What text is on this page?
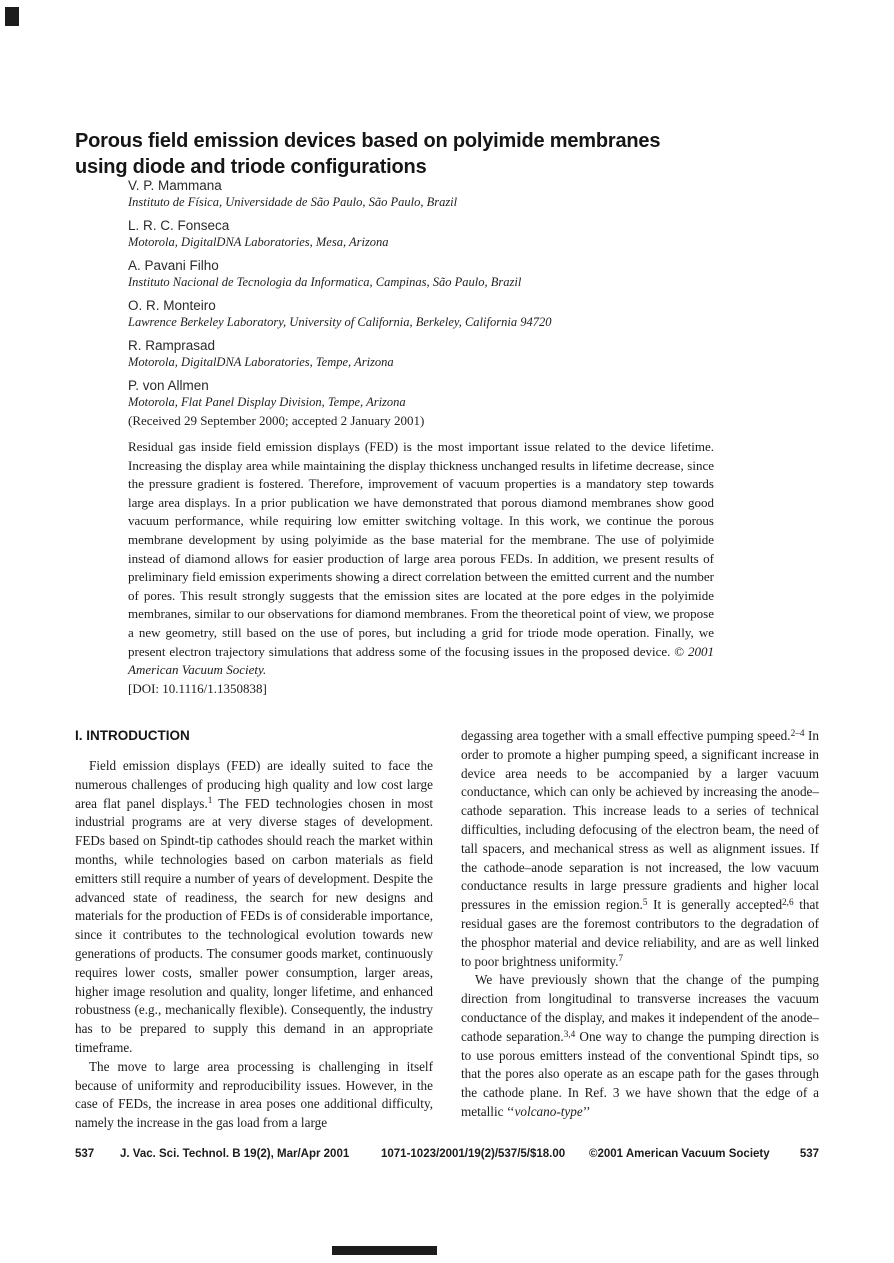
Porous field emission devices based on polyimide membranes
using diode and triode configurations
V. P. Mammana
Instituto de Física, Universidade de São Paulo, São Paulo, Brazil
L. R. C. Fonseca
Motorola, DigitalDNA Laboratories, Mesa, Arizona
A. Pavani Filho
Instituto Nacional de Tecnologia da Informatica, Campinas, São Paulo, Brazil
O. R. Monteiro
Lawrence Berkeley Laboratory, University of California, Berkeley, California 94720
R. Ramprasad
Motorola, DigitalDNA Laboratories, Tempe, Arizona
P. von Allmen
Motorola, Flat Panel Display Division, Tempe, Arizona
(Received 29 September 2000; accepted 2 January 2001)

Residual gas inside field emission displays (FED) is the most important issue related to the device lifetime. Increasing the display area while maintaining the display thickness unchanged results in lifetime decrease, since the pressure gradient is fostered. Therefore, improvement of vacuum properties is a mandatory step towards large area displays. In a prior publication we have demonstrated that porous diamond membranes show good vacuum performance, while requiring low emitter switching voltage. In this work, we continue the porous membrane development by using polyimide as the base material for the membrane. The use of polyimide instead of diamond allows for easier production of large area porous FEDs. In addition, we present results of preliminary field emission experiments showing a direct correlation between the emitted current and the number of pores. This result strongly suggests that the emission sites are located at the pore edges in the polyimide membranes, similar to our observations for diamond membranes. From the theoretical point of view, we propose a new geometry, still based on the use of pores, but including a grid for triode mode operation. Finally, we present electron trajectory simulations that address some of the focusing issues in the proposed device. © 2001 American Vacuum Society.

[DOI: 10.1116/1.1350838]
I. INTRODUCTION

Field emission displays (FED) are ideally suited to face the numerous challenges of producing high quality and low cost large area flat panel displays.$^1$ The FED technologies chosen in most industrial programs are at very diverse stages of development. FEDs based on Spindt-tip cathodes should reach the market within months, while technologies based on carbon materials as field emitters still require a number of years of development. Despite the advanced state of readiness, the search for new designs and materials for the production of FEDs is of considerable importance, since it contributes to the technological evolution towards new generations of products. The consumer goods market, continuously requires lower costs, smaller power consumption, larger areas, higher image resolution and quality, longer lifetime, and enhanced robustness (e.g., mechanically flexible). Consequently, the industry has to be prepared to supply this demand in an appropriate timeframe.

The move to large area processing is challenging in itself because of uniformity and reproducibility issues. However, in the case of FEDs, the increase in area poses one additional difficulty, namely the increase in the gas load from a large

degassing area together with a small effective pumping speed.$^{2-4}$ In order to promote a higher pumping speed, a significant increase in device area needs to be accompanied by a larger vacuum conductance, which can only be achieved by increasing the anode–cathode separation. This increase leads to a series of technical difficulties, including defocusing of the electron beam, the need of tall spacers, and mechanical stress as well as alignment issues. If the cathode–anode separation is not increased, the low vacuum conductance results in large pressure gradients and higher local pressures in the emission region.$^5$ It is generally accepted$^{2,6}$ that residual gases are the foremost contributors to the degradation of the phosphor material and device reliability, and are as well linked to poor brightness uniformity.$^7$

We have previously shown that the change of the pumping direction from longitudinal to transverse increases the vacuum conductance of the display, and makes it independent of the anode–cathode separation.$^{3,4}$ One way to change the pumping direction is to use porous emitters instead of the conventional Spindt tips, so that the pores also operate as an escape path for the gases through the cathode plane. In Ref. 3 we have shown that the edge of a metallic ‘‘volcano-type’’

537 J. Vac. Sci. Technol. B 19(2), Mar/Apr 2001	1071-1023/2001/19(2)/537/5/$18.00 ©2001 American Vacuum Society	537
